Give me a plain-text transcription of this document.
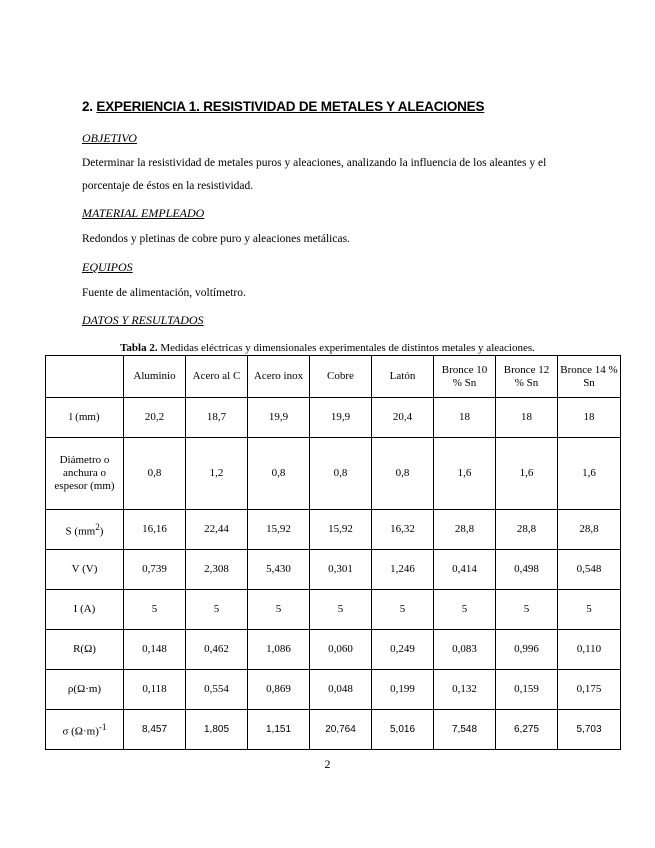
2. EXPERIENCIA 1. RESISTIVIDAD DE METALES Y ALEACIONES
OBJETIVO
Determinar la resistividad de metales puros y aleaciones, analizando la influencia de los aleantes y el
porcentaje de éstos en la resistividad.
MATERIAL EMPLEADO
Redondos y pletinas de cobre puro y aleaciones metálicas.
EQUIPOS
Fuente de alimentación, voltímetro.
DATOS Y RESULTADOS
Tabla 2. Medidas eléctricas y dimensionales experimentales de distintos metales y aleaciones.
	Aluminio	Acero al C	Acero inox	Cobre	Latón	Bronce 10 % Sn	Bronce 12 % Sn	Bronce 14 % Sn
l (mm)	20,2	18,7	19,9	19,9	20,4	18	18	18
Diámetro o anchura o espesor (mm)	0,8	1,2	0,8	0,8	0,8	1,6	1,6	1,6
S $(mm^2)$	16,16	22,44	15,92	15,92	16,32	28,8	28,8	28,8
V (V)	0,739	2,308	5,430	0,301	1,246	0,414	0,498	0,548
I (A)	5	5	5	5	5	5	5	5
R(Ω)	0,148	0,462	1,086	0,060	0,249	0,083	0,996	0,110
ρ(Ω·m)	0,118	0,554	0,869	0,048	0,199	0,132	0,159	0,175
σ $(\Omega\cdot m)^{-1}$	8,457	1,805	1,151	20,764	5,016	7,548	6,275	5,703
2
